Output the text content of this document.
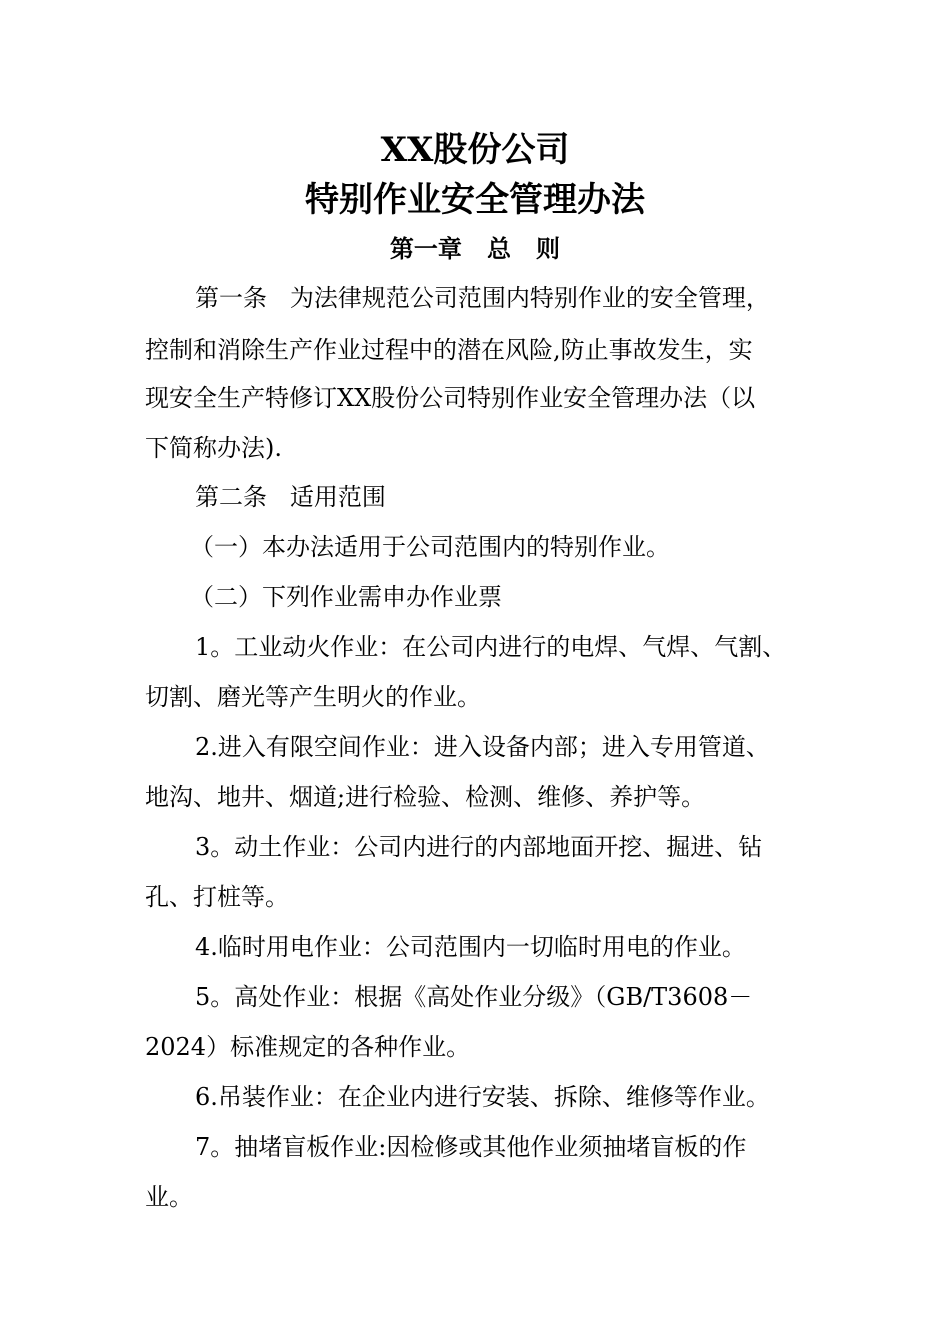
XX股份公司
特别作业安全管理办法
第一章   总   则
第一条   为法律规范公司范围内特别作业的安全管理，
控制和消除生产作业过程中的潜在风险,防止事故发生，实
现安全生产特修订XX股份公司特别作业安全管理办法（以
下简称办法).
第二条   适用范围
（一）本办法适用于公司范围内的特别作业。
（二）下列作业需申办作业票
1。工业动火作业：在公司内进行的电焊、气焊、气割、
切割、磨光等产生明火的作业。
2.进入有限空间作业：进入设备内部；进入专用管道、
地沟、地井、烟道;进行检验、检测、维修、养护等。
3。动土作业：公司内进行的内部地面开挖、掘进、钻
孔、打桩等。
4.临时用电作业：公司范围内一切临时用电的作业。
5。高处作业：根据《高处作业分级》（GB/T3608－
2024）标准规定的各种作业。
6.吊装作业：在企业内进行安装、拆除、维修等作业。
7。抽堵盲板作业:因检修或其他作业须抽堵盲板的作
业。
